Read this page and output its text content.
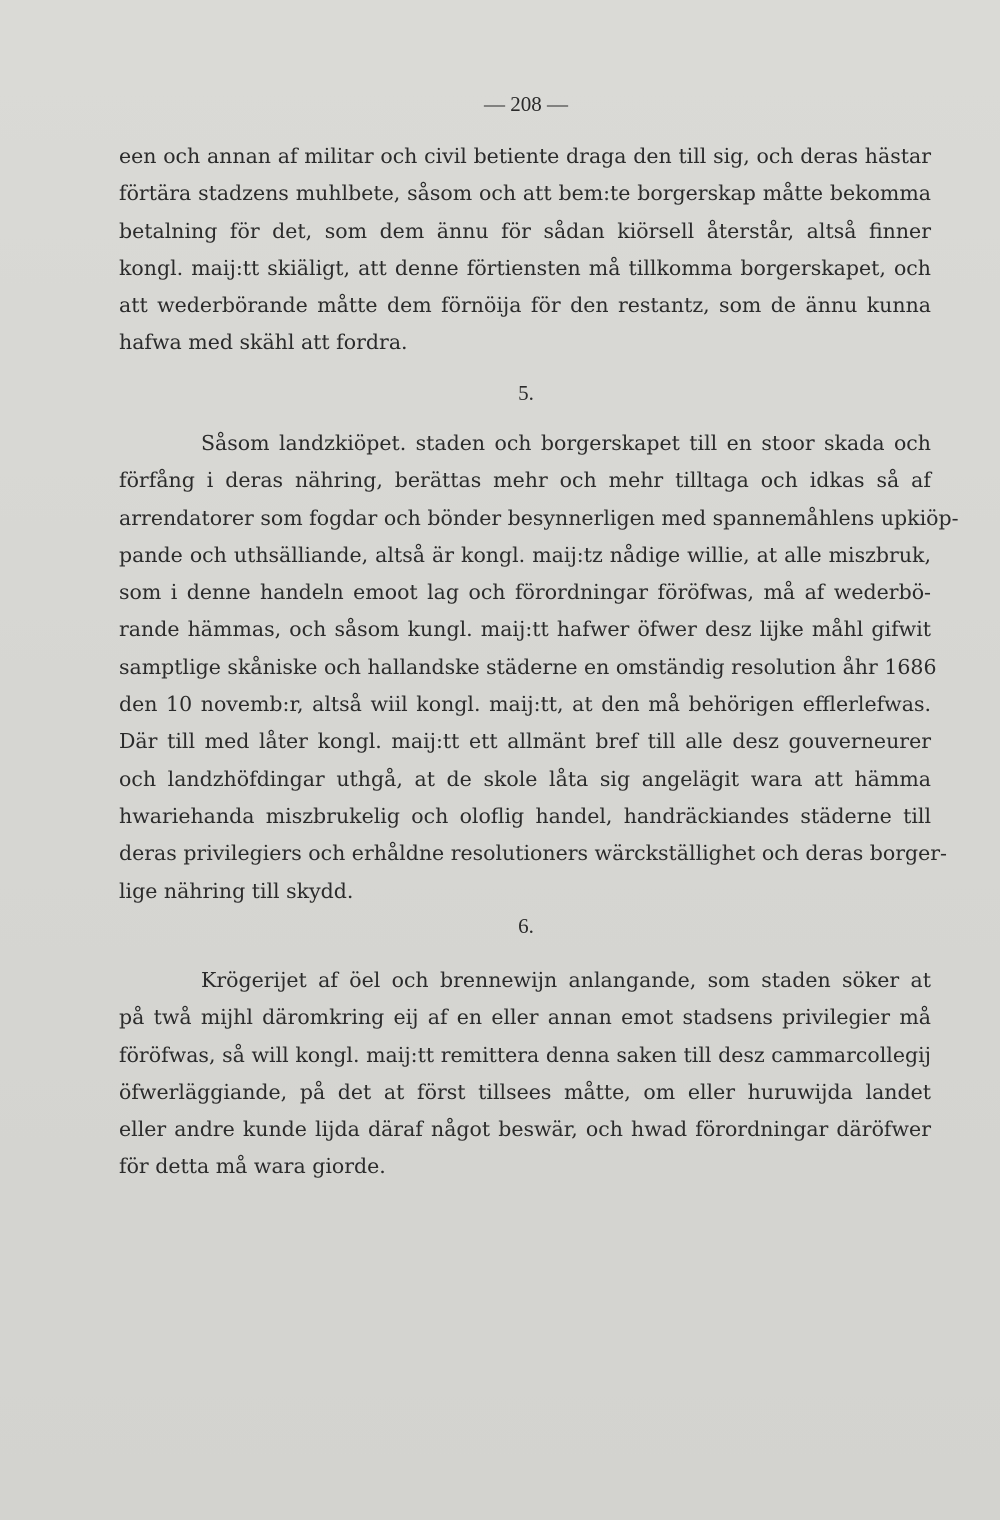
— 208 —
een och annan af militar och civil betiente draga den till sig, och deras hästar
förtära stadzens muhlbete, såsom och att bem:te borgerskap måtte bekomma
betalning för det, som dem ännu för sådan kiörsell återstår, altså finner
kongl. maij:tt skiäligt, att denne förtiensten må tillkomma borgerskapet, och
att wederbörande måtte dem förnöija för den restantz, som de ännu kunna
hafwa med skähl att fordra.
5.
Såsom landzkiöpet. staden och borgerskapet till en stoor skada och
förfång i deras nähring, berättas mehr och mehr tilltaga och idkas så af
arrendatorer som fogdar och bönder besynnerligen med spannemåhlens upkiöp-
pande och uthsälliande, altså är kongl. maij:tz nådige willie, at alle miszbruk,
som i denne handeln emoot lag och förordningar föröfwas, må af wederbö-
rande hämmas, och såsom kungl. maij:tt hafwer öfwer desz lijke måhl gifwit
samptlige skåniske och hallandske städerne en omständig resolution åhr 1686
den 10 novemb:r, altså wiil kongl. maij:tt, at den må behörigen efflerlefwas.
Där till med låter kongl. maij:tt ett allmänt bref till alle desz gouverneurer
och landzhöfdingar uthgå, at de skole låta sig angelägit wara att hämma
hwariehanda miszbrukelig och oloflig handel, handräckiandes städerne till
deras privilegiers och erhåldne resolutioners wärckställighet och deras borger-
lige nähring till skydd.
6.
Krögerijet af öel och brennewijn anlangande, som staden söker at
på twå mijhl däromkring eij af en eller annan emot stadsens privilegier må
föröfwas, så will kongl. maij:tt remittera denna saken till desz cammarcollegij
öfwerläggiande, på det at först tillsees måtte, om eller huruwijda landet
eller andre kunde lijda däraf något beswär, och hwad förordningar däröfwer
för detta må wara giorde.
